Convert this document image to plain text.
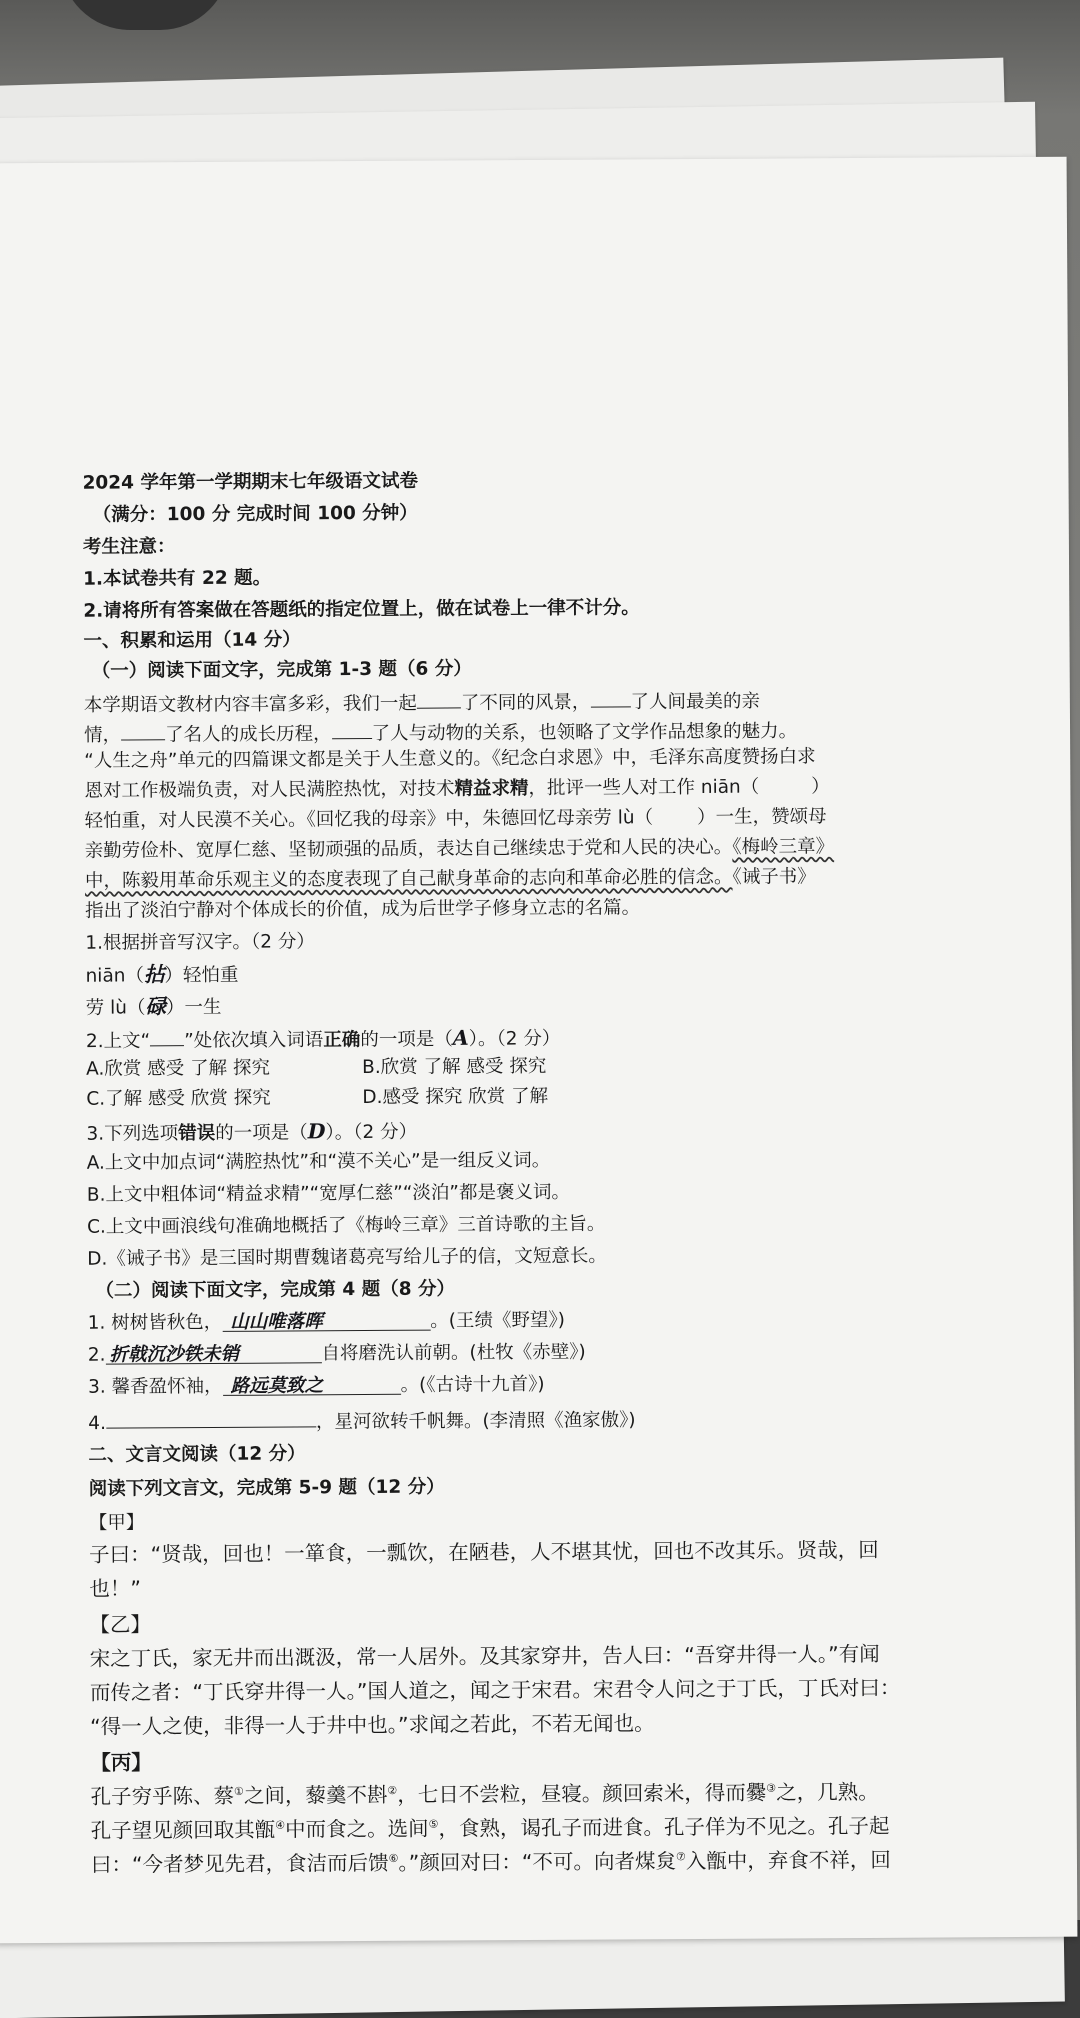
2024 学年第一学期期末七年级语文试卷
（满分：100 分 完成时间 100 分钟）
考生注意：
1.本试卷共有 22 题。
2.请将所有答案做在答题纸的指定位置上，做在试卷上一律不计分。
一、积累和运用（14 分）
（一）阅读下面文字，完成第 1-3 题（6 分）
本学期语文教材内容丰富多彩，我们一起 了不同的风景， 了人间最美的亲
情， 了名人的成长历程， 了人与动物的关系，也领略了文学作品想象的魅力。
“人生之舟”单元的四篇课文都是关于人生意义的。《纪念白求恩》中，毛泽东高度赞扬白求
恩对工作极端负责，对人民满腔热忱，对技术精益求精，批评一些人对工作 niān（	）
轻怕重，对人民漠不关心。《回忆我的母亲》中，朱德回忆母亲劳 lù（ ）一生，赞颂母
亲勤劳俭朴、宽厚仁慈、坚韧顽强的品质，表达自己继续忠于党和人民的决心。《梅岭三章》
中，陈毅用革命乐观主义的态度表现了自己献身革命的志向和革命必胜的信念。《诫子书》
指出了淡泊宁静对个体成长的价值，成为后世学子修身立志的名篇。
1.根据拼音写汉字。（2 分）
niān（拈）轻怕重
劳 lù（碌）一生
2.上文“ ”处依次填入词语正确的一项是（A）。（2 分）
A.欣赏 感受 了解 探究	B.欣赏 了解 感受 探究
C.了解 感受 欣赏 探究	D.感受 探究 欣赏 了解
3.下列选项错误的一项是（D）。（2 分）
A.上文中加点词“满腔热忱”和“漠不关心”是一组反义词。
B.上文中粗体词“精益求精”“宽厚仁慈”“淡泊”都是褒义词。
C.上文中画浪线句准确地概括了《梅岭三章》三首诗歌的主旨。
D.《诫子书》是三国时期曹魏诸葛亮写给儿子的信，文短意长。
（二）阅读下面文字，完成第 4 题（8 分）
1. 树树皆秋色， 山山唯落晖	。(王绩《野望》)
2. 折戟沉沙铁未销	自将磨洗认前朝。(杜牧《赤壁》)
3. 馨香盈怀袖， 路远莫致之	。(《古诗十九首》)
4.	，星河欲转千帆舞。(李清照《渔家傲》)
二、文言文阅读（12 分）
阅读下列文言文，完成第 5-9 题（12 分）
【甲】
子曰：“贤哉，回也！一箪食，一瓢饮，在陋巷，人不堪其忧，回也不改其乐。贤哉，回
也！”
【乙】
宋之丁氏，家无井而出溉汲，常一人居外。及其家穿井，告人曰：“吾穿井得一人。”有闻
而传之者：“丁氏穿井得一人。”国人道之，闻之于宋君。宋君令人问之于丁氏，丁氏对曰：
“得一人之使，非得一人于井中也。”求闻之若此，不若无闻也。
【丙】
孔子穷乎陈、蔡①之间，藜羹不斟②，七日不尝粒，昼寝。颜回索米，得而爨③之，几熟。
孔子望见颜回取其甑④中而食之。选间⑤，食熟，谒孔子而进食。孔子佯为不见之。孔子起
曰：“今者梦见先君，食洁而后馈⑥。”颜回对曰：“不可。向者煤炱⑦入甑中，弃食不祥，回
